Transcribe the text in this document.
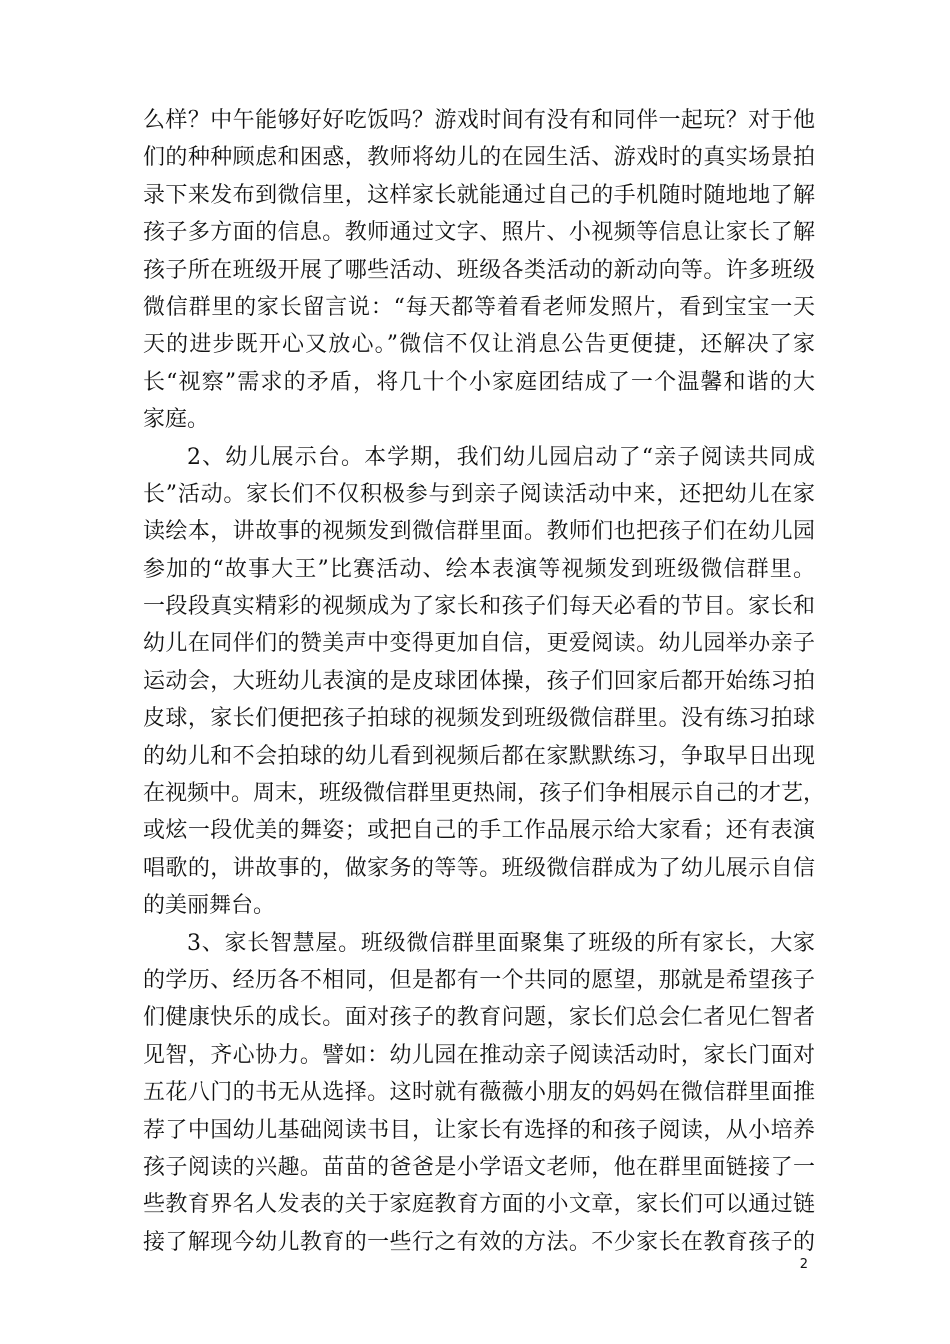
么样？中午能够好好吃饭吗？游戏时间有没有和同伴一起玩？对于他
们的种种顾虑和困惑，教师将幼儿的在园生活、游戏时的真实场景拍
录下来发布到微信里，这样家长就能通过自己的手机随时随地地了解
孩子多方面的信息。教师通过文字、照片、小视频等信息让家长了解
孩子所在班级开展了哪些活动、班级各类活动的新动向等。许多班级
微信群里的家长留言说：“每天都等着看老师发照片，看到宝宝一天
天的进步既开心又放心。”微信不仅让消息公告更便捷，还解决了家
长“视察”需求的矛盾，将几十个小家庭团结成了一个温馨和谐的大
家庭。
2、幼儿展示台。本学期，我们幼儿园启动了“亲子阅读共同成
长”活动。家长们不仅积极参与到亲子阅读活动中来，还把幼儿在家
读绘本，讲故事的视频发到微信群里面。教师们也把孩子们在幼儿园
参加的“故事大王”比赛活动、绘本表演等视频发到班级微信群里。
一段段真实精彩的视频成为了家长和孩子们每天必看的节目。家长和
幼儿在同伴们的赞美声中变得更加自信，更爱阅读。幼儿园举办亲子
运动会，大班幼儿表演的是皮球团体操，孩子们回家后都开始练习拍
皮球，家长们便把孩子拍球的视频发到班级微信群里。没有练习拍球
的幼儿和不会拍球的幼儿看到视频后都在家默默练习，争取早日出现
在视频中。周末，班级微信群里更热闹，孩子们争相展示自己的才艺，
或炫一段优美的舞姿；或把自己的手工作品展示给大家看；还有表演
唱歌的，讲故事的，做家务的等等。班级微信群成为了幼儿展示自信
的美丽舞台。
3、家长智慧屋。班级微信群里面聚集了班级的所有家长，大家
的学历、经历各不相同，但是都有一个共同的愿望，那就是希望孩子
们健康快乐的成长。面对孩子的教育问题，家长们总会仁者见仁智者
见智，齐心协力。譬如：幼儿园在推动亲子阅读活动时，家长门面对
五花八门的书无从选择。这时就有薇薇小朋友的妈妈在微信群里面推
荐了中国幼儿基础阅读书目，让家长有选择的和孩子阅读，从小培养
孩子阅读的兴趣。苗苗的爸爸是小学语文老师，他在群里面链接了一
些教育界名人发表的关于家庭教育方面的小文章，家长们可以通过链
接了解现今幼儿教育的一些行之有效的方法。不少家长在教育孩子的
2
